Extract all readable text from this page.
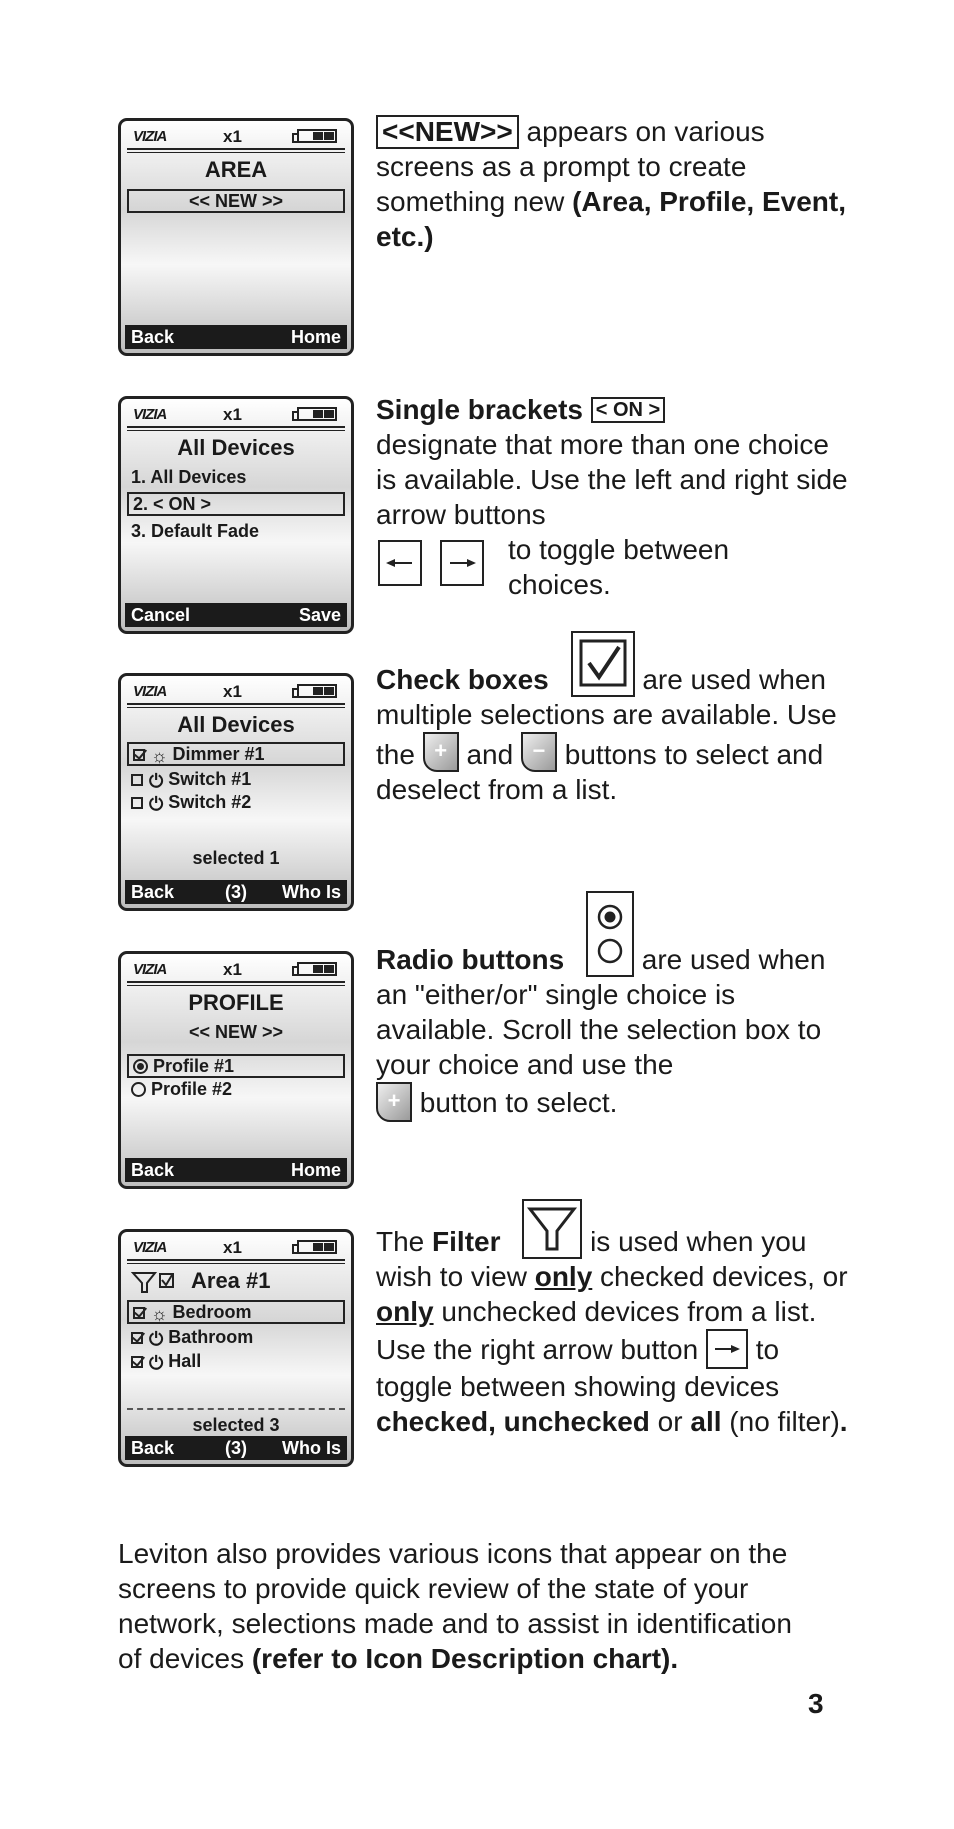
VIZIA	x1
AREA
<< NEW >>
Back	Home
<<NEW>> appears on various screens as a prompt to create something new (Area, Profile, Event, etc.)
VIZIA	x1
All Devices
1. All Devices
2. < ON >
3. Default Fade
Cancel	Save
Single brackets < ON >
designate that more than one choice is available. Use the left and right side arrow buttons
to toggle between choices.
VIZIA	x1
All Devices
☼ Dimmer #1
⏻ Switch #1
⏻ Switch #2
selected 1
Back	(3)	Who Is
Check boxes	are used when multiple selections are available. Use the + and − buttons to select and deselect from a list.
VIZIA	x1
PROFILE
<< NEW >>
Profile #1
Profile #2
Back	Home
Radio buttons	are used when an "either/or" single choice is available. Scroll the selection box to your choice and use the

+ button to select.
VIZIA	x1
Area #1
☼ Bedroom
⏻ Bathroom
⏻ Hall
selected 3
Back	(3)	Who Is
The Filter	is used when you wish to view only checked devices, or only unchecked devices from a list. Use the right arrow button  to toggle between showing devices checked, unchecked or all (no filter).
Leviton also provides various icons that appear on the screens to provide quick review of the state of your network, selections made and to assist in identification of devices (refer to Icon Description chart).
3
